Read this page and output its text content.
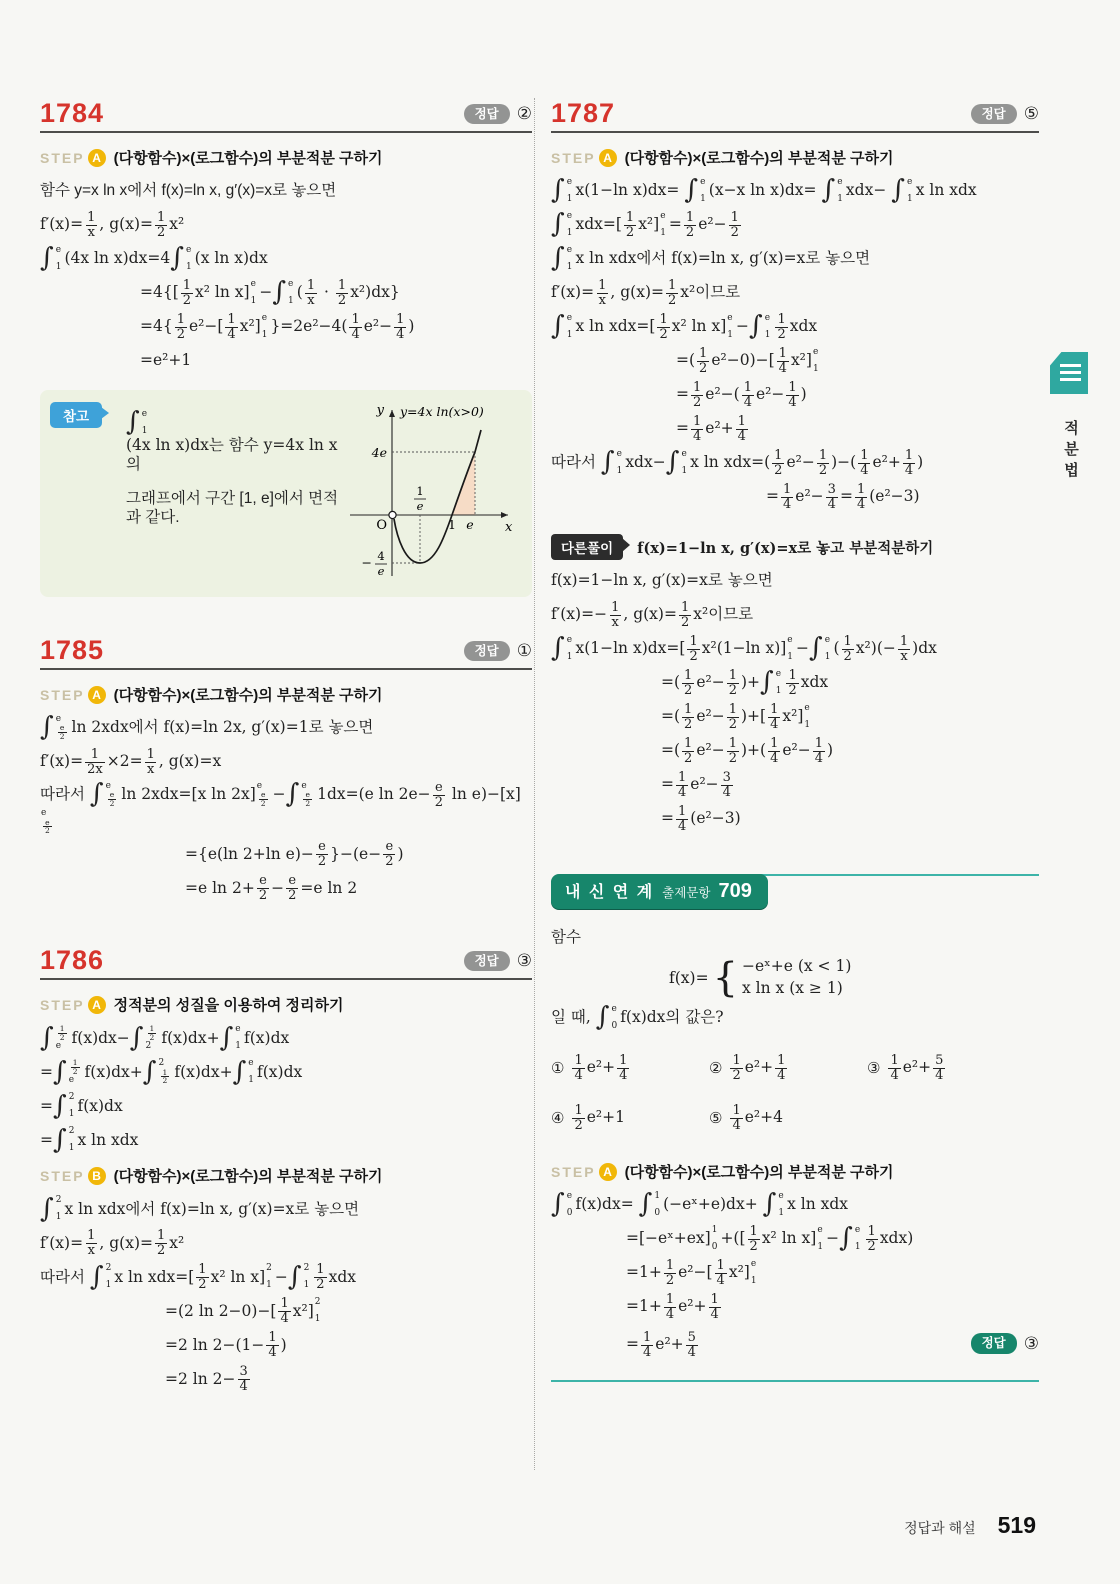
1784	정답	②
STEP A (다항함수)×(로그함수)의 부분적분 구하기
함수 y=x ln x에서 f(x)=ln x, g′(x)=x로 놓으면
f′(x)= 1
x , g(x)= 1
2 x²
∫ e
1 (4x ln x)dx=4 ∫ e
1 (x ln x)dx
=4{[ 1
2 x² ln x] e
1 − ∫ e
1 ( 1
x · 1
2 x²)dx}
=4{ 1
2 e²−[ 1
4 x²] e
1 }=2e²−4( 1
4 e²− 1
4 )
=e²+1
참고	∫ e
1
(4x ln x)dx는 함수 y=4x ln x의
그래프에서 구간 [1, e]에서 면적과 같다.
y y=4x ln(x>0)
4e
1
e
O	1 e x
− 4
e
1785	정답	①
STEP A (다항함수)×(로그함수)의 부분적분 구하기
∫ e
$\frac{e}{2}$ ln 2xdx에서 f(x)=ln 2x, g′(x)=1로 놓으면
f′(x)= 1
2x ×2= 1
x , g(x)=x
따라서 ∫ e
$\frac{e}{2}$ ln 2xdx=[x ln 2x] e
$\frac{e}{2}$ − ∫ e
$\frac{e}{2} 1dx=(e$ ln 2e− e
2 ln e)−[x]
e
$\frac{e}{2}$
={e(ln 2+ln e)− e
2 }−(e− e
2 )
=e ln 2+ e
2 − e
2 =e ln 2
1786	정답	③
STEP A 정적분의 성질을 이용하여 정리하기
∫ $\frac{1}{2}$
e f(x)dx− ∫ $\frac{1}{2}$
2 f(x)dx+ ∫ e
1 f(x)dx
= ∫ $\frac{1}{2}$
e f(x)dx+ ∫ 2
$\frac{1}{2} f(x)dx+$ ∫ e
1 f(x)dx
= ∫ 2
1 f(x)dx
= ∫ 2
1 x ln xdx
STEP B (다항함수)×(로그함수)의 부분적분 구하기
∫ 2
1 x ln xdx에서 f(x)=ln x, g′(x)=x로 놓으면
f′(x)= 1
x , g(x)= 1
2 x²
따라서 ∫ 2
1 x ln xdx=[ 1
2 x² ln x] 2
1 − ∫ 2
1
1
2 xdx
=(2 ln 2−0)−[ 1
4 x²] 2
1
=2 ln 2−(1− 1
4 )
=2 ln 2− 3
4
1787	정답	⑤
STEP A (다항함수)×(로그함수)의 부분적분 구하기
∫ e
1 x(1−ln x)dx= ∫ e
1 (x−x ln x)dx= ∫ e
1 xdx− ∫ e
1 x ln xdx
∫ e
1 xdx=[ 1
2 x²] e
1 = 1
2 e²− 1
2
∫ e
1 x ln xdx에서 f(x)=ln x, g′(x)=x로 놓으면
f′(x)= 1
x , g(x)= 1
2 x²이므로
∫ e
1 x ln xdx=[ 1
2 x² ln x] e
1 − ∫ e
1
1
2 xdx
=( 1
2 e²−0)−[ 1
4 x²] e
1
= 1
2 e²−( 1
4 e²− 1
4 )
= 1
4 e²+ 1
4
따라서 ∫ e
1 xdx− ∫ e
1 x ln xdx=( 1
2 e²− 1
2 )−( 1
4 e²+ 1
4 )
= 1
4 e²− 3
4 = 1
4 (e²−3)
다른풀이	f(x)=1−ln x, g′(x)=x로 놓고 부분적분하기
f(x)=1−ln x, g′(x)=x로 놓으면
f′(x)=− 1
x , g(x)= 1
2 x²이므로
∫ e
1 x(1−ln x)dx=[ 1
2 x²(1−ln x)] e
1 − ∫ e
1 ( 1
2 x²)(− 1
x )dx
=( 1
2 e²− 1
2 )+ ∫ e
1
1
2 xdx
=( 1
2 e²− 1
2 )+[ 1
4 x²] e
1
=( 1
2 e²− 1
2 )+( 1
4 e²− 1
4 )
= 1
4 e²− 3
4
= 1
4 (e²−3)
내 신 연 계 출제문항 709
함수
f(x)= { −eˣ+e (x < 1)
x ln x (x ≥ 1)
일 때, ∫ e
0 f(x)dx의 값은?
① 1
4 e²+ 1
4	② 1
2 e²+ 1
4	③ 1
4 e²+ 5
4
④ 1
2 e²+1	⑤ 1
4 e²+4
STEP A (다항함수)×(로그함수)의 부분적분 구하기
∫ e
0 f(x)dx= ∫ 1
0 (−eˣ+e)dx+ ∫ e
1 x ln xdx
=[−eˣ+ex] 1
0 +([ 1
2 x² ln x] e
1 − ∫ e
1
1
2 xdx)
=1+ 1
2 e²−[ 1
4 x²] e
1
=1+ 1
4 e²+ 1
4
= 1
4 e²+ 5
4
정답	③
적분법
정답과 해설 519
